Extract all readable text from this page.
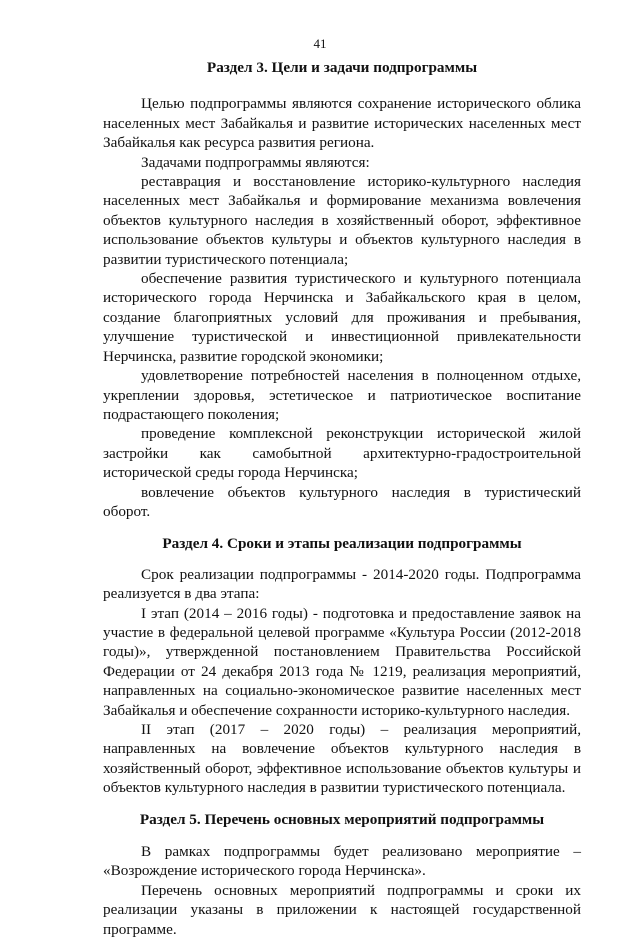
41
Раздел 3. Цели и задачи подпрограммы

Целью подпрограммы являются сохранение исторического облика населенных мест Забайкалья и развитие исторических населенных мест Забайкалья как ресурса развития региона.

Задачами подпрограммы являются:

реставрация и восстановление историко-культурного наследия населенных мест Забайкалья и формирование механизма вовлечения объектов культурного наследия в хозяйственный оборот, эффективное использование объектов культуры и объектов культурного наследия в развитии туристического потенциала;

обеспечение развития туристического и культурного потенциала исторического города Нерчинска и Забайкальского края в целом, создание благоприятных условий для проживания и пребывания, улучшение туристической и инвестиционной привлекательности Нерчинска, развитие городской экономики;

удовлетворение потребностей населения в полноценном отдыхе, укреплении здоровья, эстетическое и патриотическое воспитание подрастающего поколения;

проведение комплексной реконструкции исторической жилой застройки как самобытной архитектурно-градостроительной исторической среды города Нерчинска;

вовлечение объектов культурного наследия в туристический оборот.

Раздел 4. Сроки и этапы реализации подпрограммы

Срок реализации подпрограммы - 2014-2020 годы. Подпрограмма реализуется в два этапа:

I этап (2014 – 2016 годы) - подготовка и предоставление заявок на участие в федеральной целевой программе «Культура России (2012-2018 годы)», утвержденной постановлением Правительства Российской Федерации от 24 декабря 2013 года № 1219, реализация мероприятий, направленных на социально-экономическое развитие населенных мест Забайкалья и обеспечение сохранности историко-культурного наследия.

II этап (2017 – 2020 годы) – реализация мероприятий, направленных на вовлечение объектов культурного наследия в хозяйственный оборот, эффективное использование объектов культуры и объектов культурного наследия в развитии туристического потенциала.

Раздел 5. Перечень основных мероприятий подпрограммы

В рамках подпрограммы будет реализовано мероприятие – «Возрождение исторического города Нерчинска».

Перечень основных мероприятий подпрограммы и сроки их реализации указаны в приложении к настоящей государственной программе.
